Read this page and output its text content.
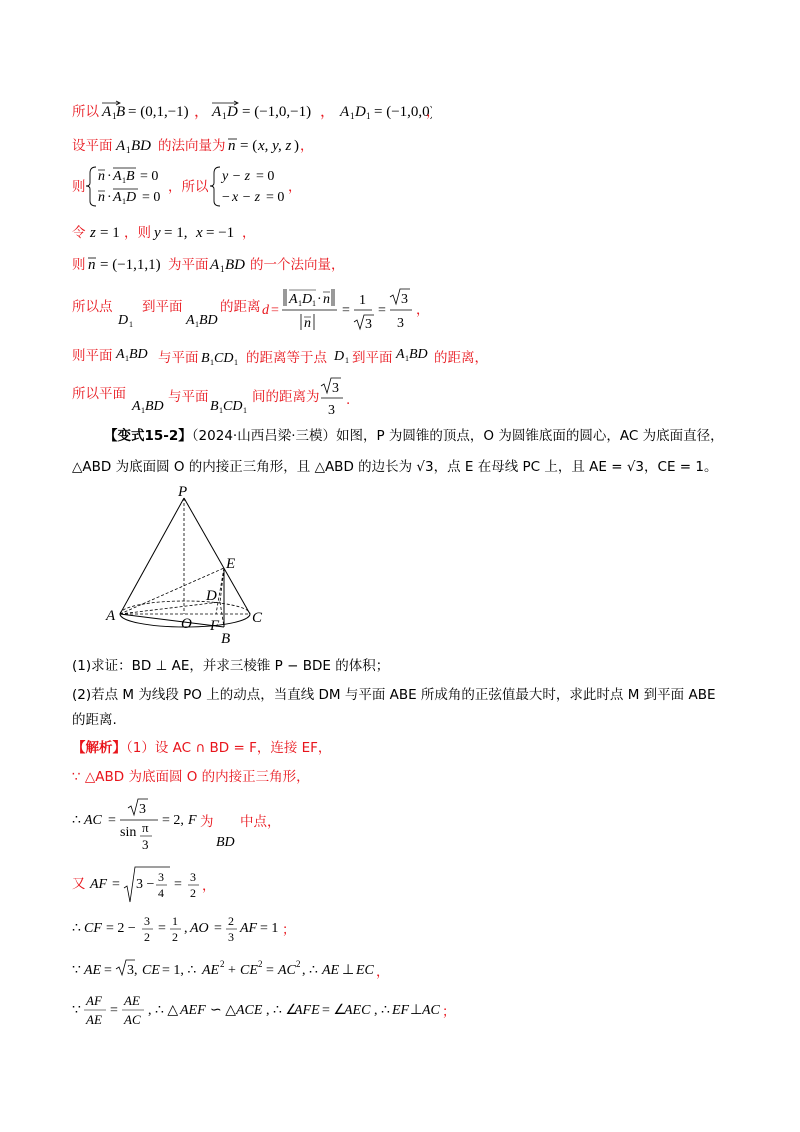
所以 A 1 B = (0,1,−1) ， A 1 D = (−1,0,−1) ， A 1 D 1 = (−1,0,0)
设平面 A 1 BD 的法向量为 n = ( x, y, z )
则
n · A 1 B = 0
n · A 1 D = 0
，所以
y − z = 0
− x − z = 0
，
令 z = 1 ，则 y = 1, x = −1 ，
则 n = (−1,1,1) 为平面 A 1 BD 的一个法向量，
所以点
D 1
到平面
A 1 BD
的距离 d =
A 1 D 1 · n
n
=
1
3
=
3
3
，
则平面 A 1 BD 与平面 B 1 CD 1 的距离等于点 D 1 到平面 A 1 BD 的距离，
所以平面
A 1 BD
与平面
B 1 CD 1
间的距离为
3
3
.
【变式15-2】（2024·山西吕梁·三模）如图，P 为圆锥的顶点，O 为圆锥底面的圆心，AC 为底面直径，
△ABD 为底面圆 O 的内接正三角形，且 △ABD 的边长为 √3，点 E 在母线 PC 上，且 AE = √3，CE = 1。
P
E
D
A	O F C
B
(1)求证：BD ⊥ AE，并求三棱锥 P − BDE 的体积；
(2)若点 M 为线段 PO 上的动点，当直线 DM 与平面 ABE 所成角的正弦值最大时，求此时点 M 到平面 ABE
的距离.
【解析】（1）设 AC ∩ BD = F，连接 EF，
∵ △ABD 为底面圆 O 的内接正三角形，
∴ AC =
3
sin π
3
= 2, F 为
BD
中点，
又 AF = 3 − 3
4
= 3
2 ，
∴ CF = 2 − 3
2
= 1
2
, AO = 2
3
AF = 1 ；
∵ AE = 3, CE = 1, ∴ AE 2 + CE 2 = AC 2 , ∴ AE ⊥ EC ，
∵
AF
AE
=
AE
AC
, ∴ △ AEF ∽ △ ACE , ∴ ∠
AFE = ∠
AEC , ∴ EF ⊥ AC
